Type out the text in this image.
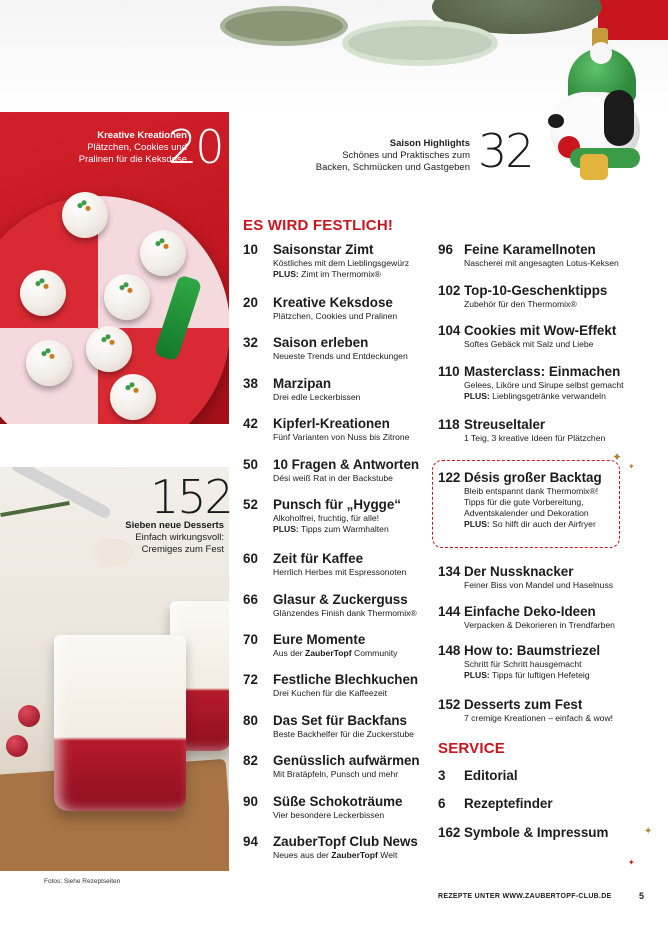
Saison Highlights
Schönes und Praktisches zum
Backen, Schmücken und Gastgeben 32
Kreative Kreationen
Plätzchen, Cookies und
Pralinen für die Keksdose
20
152
Sieben neue Desserts
Einfach wirkungsvoll:
Cremiges zum Fest
Fotos: Siehe Rezeptseiten
ES WIRD FESTLICH!
10	Saisonstar Zimt
Köstliches mit dem Lieblingsgewürz
PLUS: Zimt im Thermomix®
20	Kreative Keksdose
Plätzchen, Cookies und Pralinen
32	Saison erleben
Neueste Trends und Entdeckungen
38	Marzipan
Drei edle Leckerbissen
42	Kipferl-Kreationen
Fünf Varianten von Nuss bis Zitrone
50	10 Fragen & Antworten
Dési weiß Rat in der Backstube
52	Punsch für „Hygge“
Alkoholfrei, fruchtig, für alle!
PLUS: Tipps zum Warmhalten
60	Zeit für Kaffee
Herrlich Herbes mit Espressonoten
66	Glasur & Zuckerguss
Glänzendes Finish dank Thermomix®
70	Eure Momente
Aus der ZauberTopf Community
72	Festliche Blechkuchen
Drei Kuchen für die Kaffeezeit
80	Das Set für Backfans
Beste Backhelfer für die Zuckerstube
82	Genüsslich aufwärmen
Mit Bratäpfeln, Punsch und mehr
90	Süße Schokoträume
Vier besondere Leckerbissen
94	ZauberTopf Club News
Neues aus der ZauberTopf Welt
96 Feine Karamellnoten
Nascherei mit angesagten Lotus-Keksen
102 Top-10-Geschenktipps
Zubehör für den Thermomix®
104 Cookies mit Wow-Effekt
Softes Gebäck mit Salz und Liebe
110 Masterclass: Einmachen
Gelees, Liköre und Sirupe selbst gemacht
PLUS: Lieblingsgetränke verwandeln
118 Streuseltaler
1 Teig, 3 kreative Ideen für Plätzchen
122 Désis großer Backtag
Bleib entspannt dank Thermomix®!
Tipps für die gute Vorbereitung,
Adventskalender und Dekoration
PLUS: So hilft dir auch der Airfryer
134 Der Nussknacker
Feiner Biss von Mandel und Haselnuss
144 Einfache Deko-Ideen
Verpacken & Dekorieren in Trendfarben
148 How to: Baumstriezel
Schritt für Schritt hausgemacht
PLUS: Tipps für luftigen Hefeteig
152 Desserts zum Fest
7 cremige Kreationen – einfach & wow!
✦
✦
✦
✦
SERVICE
3	Editorial
6	Rezeptefinder
162 Symbole & Impressum
REZEPTE UNTER WWW.ZAUBERTOPF-CLUB.DE	5
